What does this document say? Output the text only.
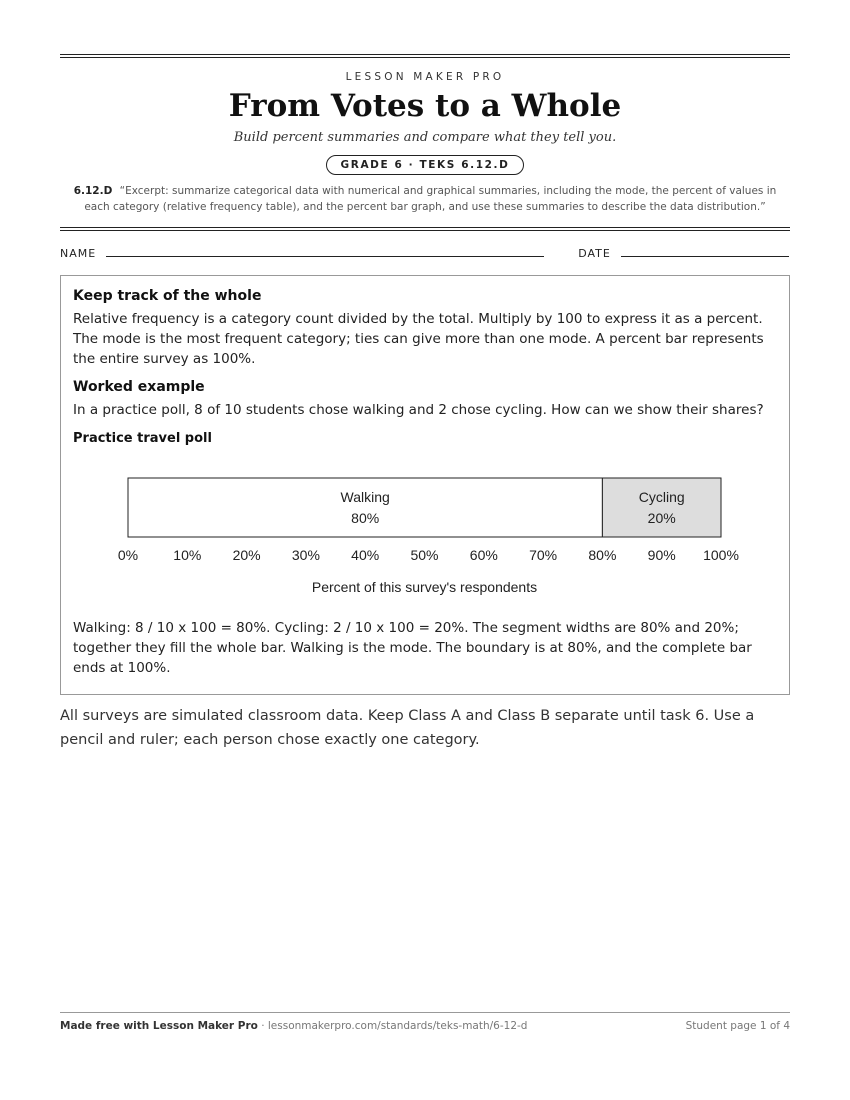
LESSON MAKER PRO
From Votes to a Whole
Build percent summaries and compare what they tell you.
GRADE 6 · TEKS 6.12.D
6.12.D “Excerpt: summarize categorical data with numerical and graphical summaries, including the mode, the percent of values in each category (relative frequency table), and the percent bar graph, and use these summaries to describe the data distribution.”
NAME	DATE
Keep track of the whole
Relative frequency is a category count divided by the total. Multiply by 100 to express it as a percent. The mode is the most frequent category; ties can give more than one mode. A percent bar represents the entire survey as 100%.
Worked example
In a practice poll, 8 of 10 students chose walking and 2 chose cycling. How can we show their shares?
Practice travel poll
Walking
80%
Cycling
20%
0%	10% 20% 30% 40% 50% 60% 70% 80% 90% 100%
Percent of this survey's respondents
Walking: 8 / 10 x 100 = 80%. Cycling: 2 / 10 x 100 = 20%. The segment widths are 80% and 20%; together they fill the whole bar. Walking is the mode. The boundary is at 80%, and the complete bar ends at 100%.
All surveys are simulated classroom data. Keep Class A and Class B separate until task 6. Use a pencil and ruler; each person chose exactly one category.
Made free with Lesson Maker Pro · lessonmakerpro.com/standards/teks-math/6-12-d	Student page 1 of 4
